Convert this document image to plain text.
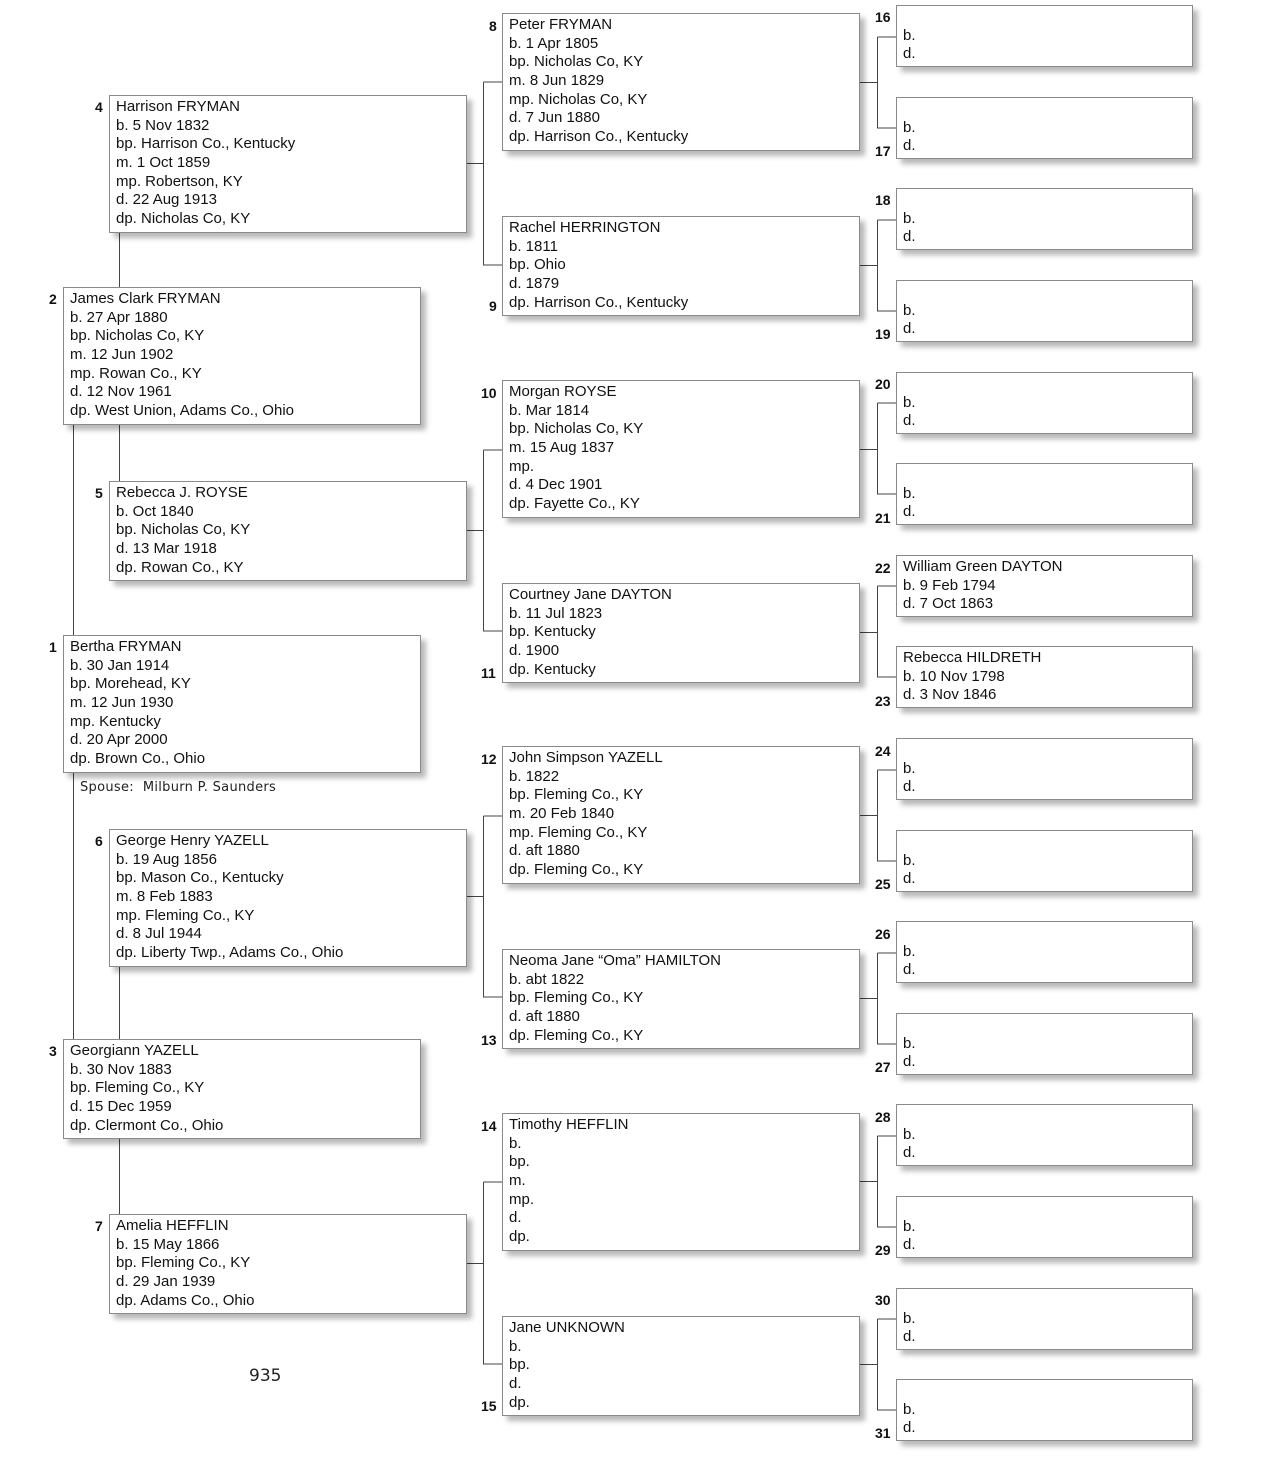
1 Bertha FRYMAN
b. 30 Jan 1914
bp. Morehead, KY
m. 12 Jun 1930
mp. Kentucky
d. 20 Apr 2000
dp. Brown Co., Ohio
Spouse: Milburn P. Saunders
2 James Clark FRYMAN
b. 27 Apr 1880
bp. Nicholas Co, KY
m. 12 Jun 1902
mp. Rowan Co., KY
d. 12 Nov 1961
dp. West Union, Adams Co., Ohio
3 Georgiann YAZELL
b. 30 Nov 1883
bp. Fleming Co., KY
d. 15 Dec 1959
dp. Clermont Co., Ohio
4 Harrison FRYMAN
b. 5 Nov 1832
bp. Harrison Co., Kentucky
m. 1 Oct 1859
mp. Robertson, KY
d. 22 Aug 1913
dp. Nicholas Co, KY
5 Rebecca J. ROYSE
b. Oct 1840
bp. Nicholas Co, KY
d. 13 Mar 1918
dp. Rowan Co., KY
6 George Henry YAZELL
b. 19 Aug 1856
bp. Mason Co., Kentucky
m. 8 Feb 1883
mp. Fleming Co., KY
d. 8 Jul 1944
dp. Liberty Twp., Adams Co., Ohio
7 Amelia HEFFLIN
b. 15 May 1866
bp. Fleming Co., KY
d. 29 Jan 1939
dp. Adams Co., Ohio
8 Peter FRYMAN
b. 1 Apr 1805
bp. Nicholas Co, KY
m. 8 Jun 1829
mp. Nicholas Co, KY
d. 7 Jun 1880
dp. Harrison Co., Kentucky
9
Rachel HERRINGTON
b. 1811
bp. Ohio
d. 1879
dp. Harrison Co., Kentucky
10 Morgan ROYSE
b. Mar 1814
bp. Nicholas Co, KY
m. 15 Aug 1837
mp.
d. 4 Dec 1901
dp. Fayette Co., KY
11
Courtney Jane DAYTON
b. 11 Jul 1823
bp. Kentucky
d. 1900
dp. Kentucky
12 John Simpson YAZELL
b. 1822
bp. Fleming Co., KY
m. 20 Feb 1840
mp. Fleming Co., KY
d. aft 1880
dp. Fleming Co., KY
13
Neoma Jane “Oma” HAMILTON
b. abt 1822
bp. Fleming Co., KY
d. aft 1880
dp. Fleming Co., KY
14 Timothy HEFFLIN
b.
bp.
m.
mp.
d.
dp.
15
Jane UNKNOWN
b.
bp.
d.
dp.
16
b.
d.
17
b.
d.
18
b.
d.
19
b.
d.
20
b.
d.
21
b.
d.
22 William Green DAYTON
b. 9 Feb 1794
d. 7 Oct 1863
23
Rebecca HILDRETH
b. 10 Nov 1798
d. 3 Nov 1846
24
b.
d.
25
b.
d.
26
b.
d.
27
b.
d.
28
b.
d.
29
b.
d.
30
b.
d.
31
b.
d.
935
